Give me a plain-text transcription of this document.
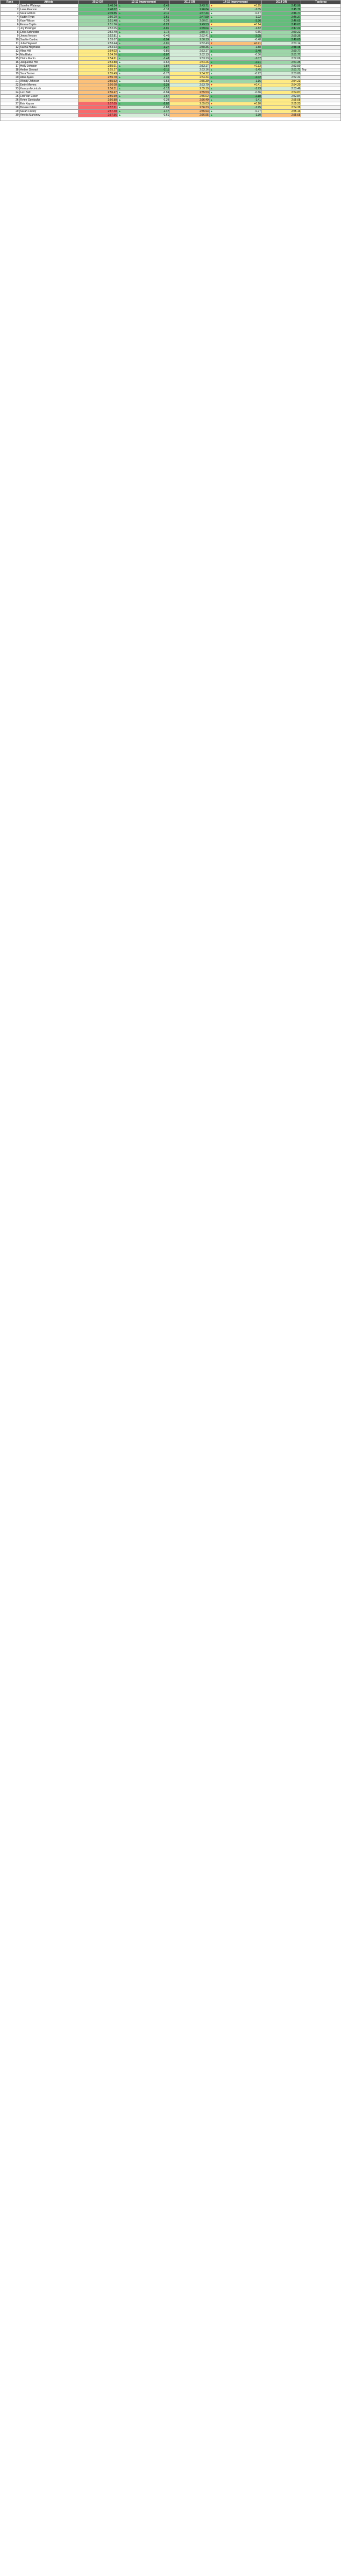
Rank	Athlete	2010 OR	12-13 improvement	2012 OR	14-15 improvement	2014 OR	Top/drop
1	Samiha Watanya	2:46.14	▲ -2.43	2:43.71	▼ +0.25	2:43.96	
2	Lana Pearson	2:48.02	▲ -1.18	2:46.84	▲ -1.05	2:45.79	
3	Sara Gomes	2:49.55	▲ -2.11	2:47.44	▲ -0.67	2:46.77	
4	Kaitlin Ryan	2:50.20	▲ -2.61	2:47.59	▲ -1.22	2:46.37	
5	Kate Wilson	2:51.40	▲ -1.39	2:50.01	▲ -3.36	2:46.65	
6	Emma Caplin	2:51.76	▲ -2.23	2:49.53	▼ +0.14	2:49.67	
7	Joy Pizzinger	2:52.05	▲ -3.01	2:49.04	▲ -1.82	2:47.22	
8	Erica Schneider	2:52.49	▲ -1.72	2:50.77	▲ -0.55	2:50.22	
9	Jenna Nelson	2:52.81	▲ -0.40	2:52.41	▲ -2.05	2:50.36	
10	Sophie Cardno	2:53.07	▲ -2.94	2:50.13	▲ -0.48	2:49.65	
11	Julia Hayward	2:53.44	▲ -1.01	2:52.43	▼ +0.71	2:53.14	
12	Karina Haymans	2:53.63	▲ -3.27	2:50.36	▲ -1.88	2:48.48	
13	Alina Hill	2:54.02	▲ -0.85	2:53.17	▲ -2.40	2:50.77	
14	Mia Blake	2:54.20	▲ -2.07	2:52.13	▲ -0.36	2:51.77	
15	Claire Martin	2:54.61	▲ -1.48	2:53.13	▲ -1.07	2:52.06	
16	Jacqueline Hill	2:54.88	▲ -0.62	2:54.26	▲ -2.91	2:51.35	
17	Holly Johnson	2:55.01	▲ -1.84	2:53.17	▼ +0.33	2:53.50	
18	Amber Stewart	2:55.27	▲ -2.11	2:53.16	▲ -1.45	2:51.71	Top
19	Sara Tanner	2:55.49	▲ -0.77	2:54.72	▲ -0.92	2:53.80	
20	Alina Ayers	2:55.70	▲ -1.36	2:54.34	▲ -2.02	2:52.32	
21	Wendy Johnson	2:55.92	▲ -0.53	2:55.39	▲ -1.16	2:54.23	
22	Emily Meyers	2:56.08	▲ -2.29	2:53.79	▼ +0.41	2:54.20	
23	Kamryn Mcintosh	2:56.31	▲ -1.12	2:55.19	▲ -1.73	2:53.46	
24	Lexi Bell	2:56.47	▲ -0.94	2:55.53	▲ -0.66	2:54.87	
25	Lori Van Essen	2:56.69	▲ -1.67	2:55.02	▲ -2.18	2:52.84	
26	Rylee Goettsche	2:56.88	▲ -0.39	2:56.49	▲ -1.41	2:55.08	
27	Erin Kayser	2:57.05	▲ -2.02	2:55.03	▼ +0.20	2:55.23	
28	Brooke Gibbs	2:57.21	▲ -0.88	2:56.33	▲ -1.95	2:54.38	
29	Sarah Feeley	2:57.40	▲ -1.47	2:55.93	▲ -0.77	2:55.16	
30	Amelia Mahoney	2:57.56	▲ -0.61	2:56.95	▲ -1.30	2:55.65	
…							
